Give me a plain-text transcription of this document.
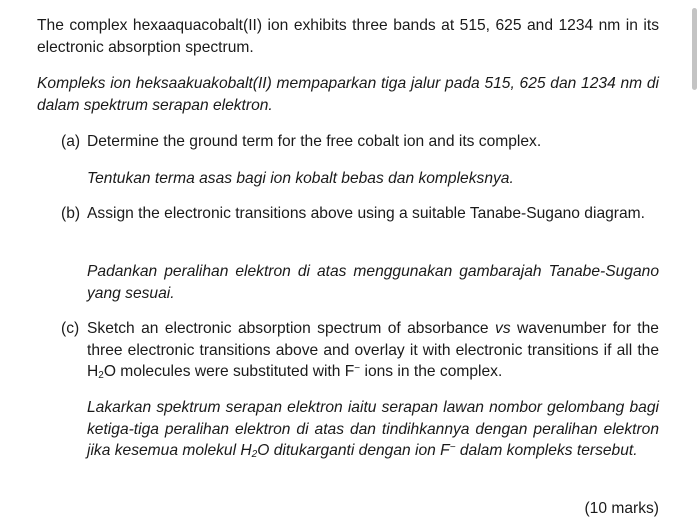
The complex hexaaquacobalt(II) ion exhibits three bands at 515, 625 and 1234 nm in its electronic absorption spectrum.

Kompleks ion heksaakuakobalt(II) mempaparkan tiga jalur pada 515, 625 dan 1234 nm di dalam spektrum serapan elektron.

(a) Determine the ground term for the free cobalt ion and its complex.

Tentukan terma asas bagi ion kobalt bebas dan kompleksnya.

(b) Assign the electronic transitions above using a suitable Tanabe-Sugano diagram.

Padankan peralihan elektron di atas menggunakan gambarajah Tanabe-Sugano yang sesuai.

(c) Sketch an electronic absorption spectrum of absorbance vs wavenumber for the three electronic transitions above and overlay it with electronic transitions if all the $H_2O$ molecules were substituted with F− ions in the complex.

Lakarkan spektrum serapan elektron iaitu serapan lawan nombor gelombang bagi ketiga-tiga peralihan elektron di atas dan tindihkannya dengan peralihan elektron jika kesemua molekul $H_2O$ ditukarganti dengan ion F− dalam kompleks tersebut.

(10 marks)
